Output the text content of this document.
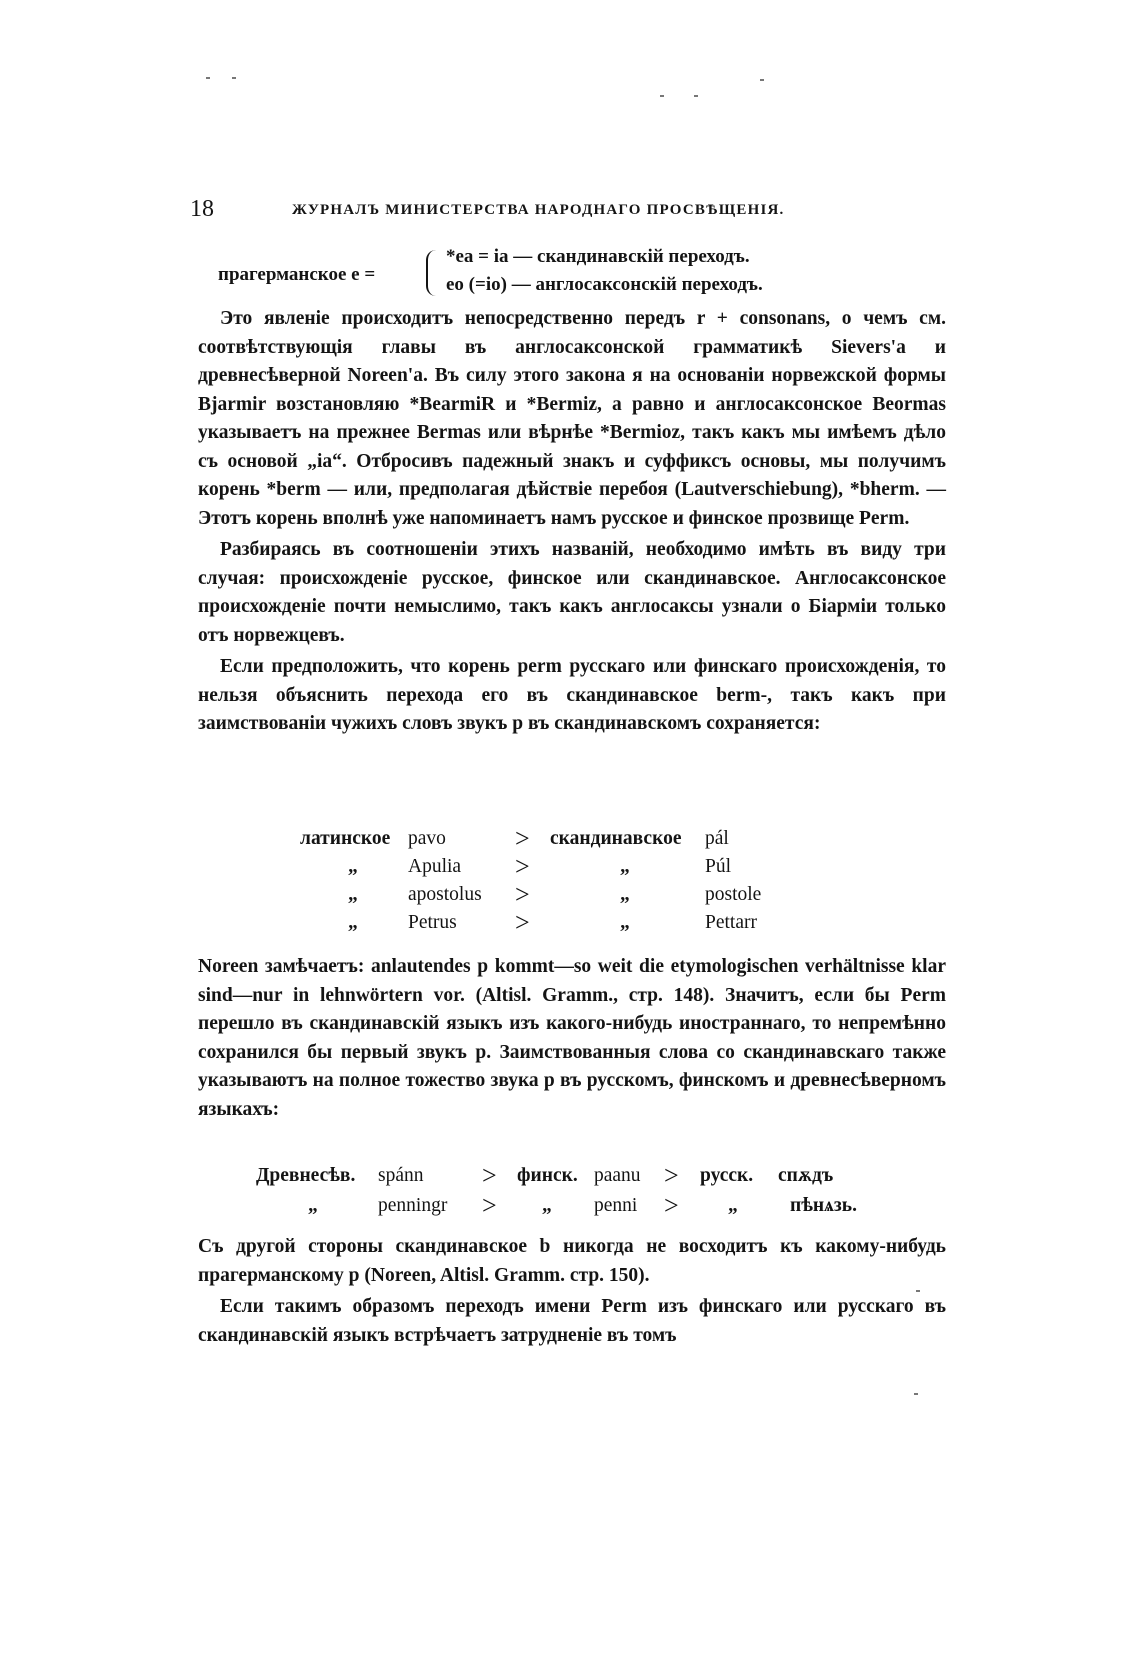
18	ЖУРНАЛЪ МИНИСТЕРСТВА НАРОДНАГО ПРОСВѢЩЕНІЯ.
прагерманское e =
*ea = ia — скандинавскій переходъ.
eo (=io) — англосаксонскій переходъ.

Это явленіе происходитъ непосредственно передъ r + consonans, о чемъ см. соотвѣтствующія главы въ англосаксонской грамматикѣ Sievers'а и древнесѣверной Noreen'а. Въ силу этого закона я на основаніи норвежской формы Bjarmir возстановляю *BearmiR и *Bermiz, а равно и англосаксонское Beormas указываетъ на прежнее Bermas или вѣрнѣе *Bermioz, такъ какъ мы имѣемъ дѣло съ основой „ia“. Отбросивъ падежный знакъ и суффиксъ основы, мы получимъ корень *berm — или, предполагая дѣйствіе перебоя (Lautverschiebung), *bherm. — Этотъ корень вполнѣ уже напоминаетъ намъ русское и финское прозвище Perm.

Разбираясь въ соотношеніи этихъ названій, необходимо имѣть въ виду три случая: происхожденіе русское, финское или скандинавское. Англосаксонское происхожденіе почти немыслимо, такъ какъ англосаксы узнали о Біарміи только отъ норвежцевъ.

Если предположить, что корень perm русскаго или финскаго происхожденія, то нельзя объяснить перехода его въ скандинавское berm-, такъ какъ при заимствованіи чужихъ словъ звукъ p въ скандинавскомъ сохраняется:

латинское pavo	> скандинавское pál
„	Apulia >	„	Púl
„	apostolus >	„	postole
„	Petrus >	„	Pettarr

Noreen замѣчаетъ: anlautendes p kommt—so weit die etymologischen verhältnisse klar sind—nur in lehnwörtern vor. (Altisl. Gramm., стр. 148). Значитъ, если бы Perm перешло въ скандинавскій языкъ изъ какого-нибудь иностраннаго, то непремѣнно сохранился бы первый звукъ p. Заимствованныя слова со скандинавскаго также указываютъ на полное тожество звука p въ русскомъ, финскомъ и древнесѣверномъ языкахъ:

Древнесѣв. spánn > финск. paanu > русск. спѫдъ
„	penningr > „ penni >	„	пѣнѧзь.

Съ другой стороны скандинавское b никогда не восходитъ къ какому-нибудь прагерманскому p (Noreen, Altisl. Gramm. стр. 150).

Если такимъ образомъ переходъ имени Perm изъ финскаго или русскаго въ скандинавскій языкъ встрѣчаетъ затрудненіе въ томъ
